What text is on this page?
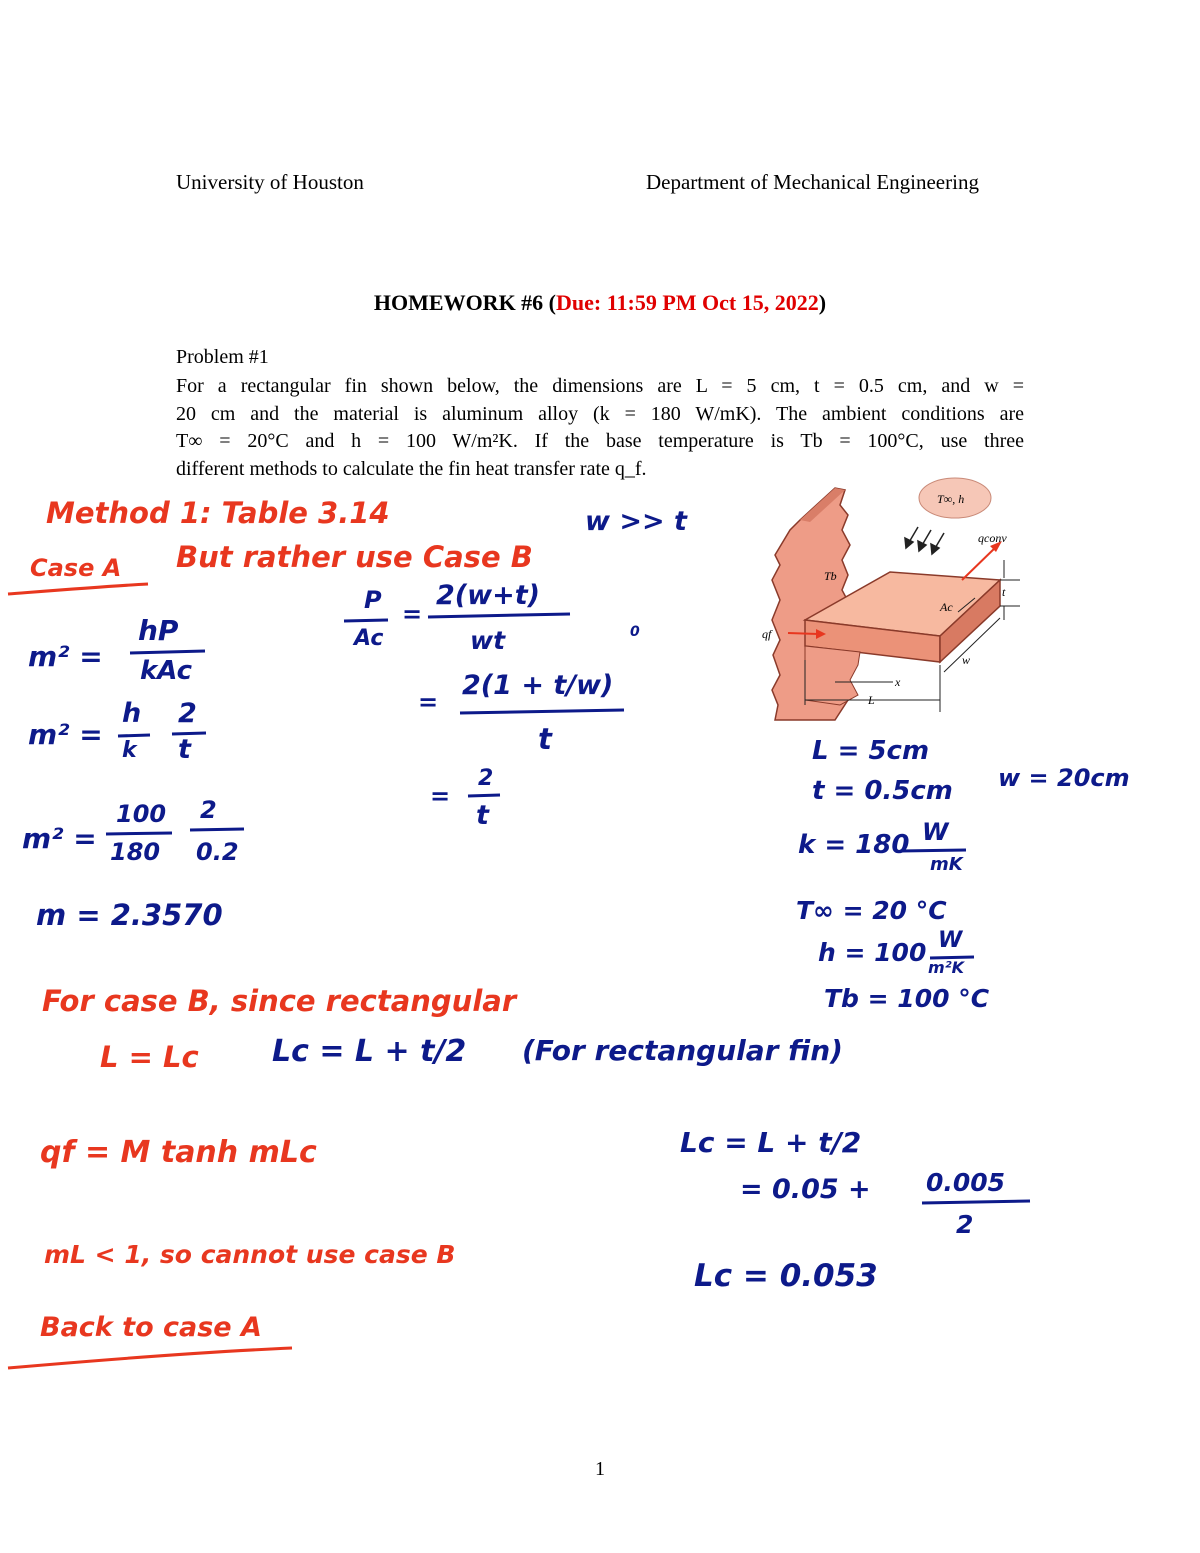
University of Houston	Department of Mechanical Engineering
HOMEWORK #6 (Due: 11:59 PM Oct 15, 2022)
Problem #1
For a rectangular fin shown below, the dimensions are L = 5 cm, t = 0.5 cm, and w =
20 cm and the material is aluminum alloy (k = 180 W/mK). The ambient conditions are
T∞ = 20°C and h = 100 W/m²K. If the base temperature is Tb = 100°C, use three
different methods to calculate the fin heat transfer rate q_f.
T∞, h
qconv
Tb
Ac
t
qf
x
w
L
Method 1: Table 3.14
Case A But rather use Case B
For case B, since rectangular
L = Lc
qf = M tanh mLc
mL < 1, so cannot use case B
Back to case A
w >> t
m² =
hP
kAc
m² =
h
k
2
t
m² =
100
180
2
0.2
m = 2.3570
P
Ac
=
2(w+t)
wt
=
2(1 + t/w)
0
t
=
2
t
L = 5cm
t = 0.5cm w = 20cm
k = 180 W
mK
T∞ = 20 °C
h = 100 W
m²K
Tb = 100 °C
Lc = L + t/2 (For rectangular fin)
Lc = L + t/2
= 0.05 + 0.005
2
Lc = 0.053
1
